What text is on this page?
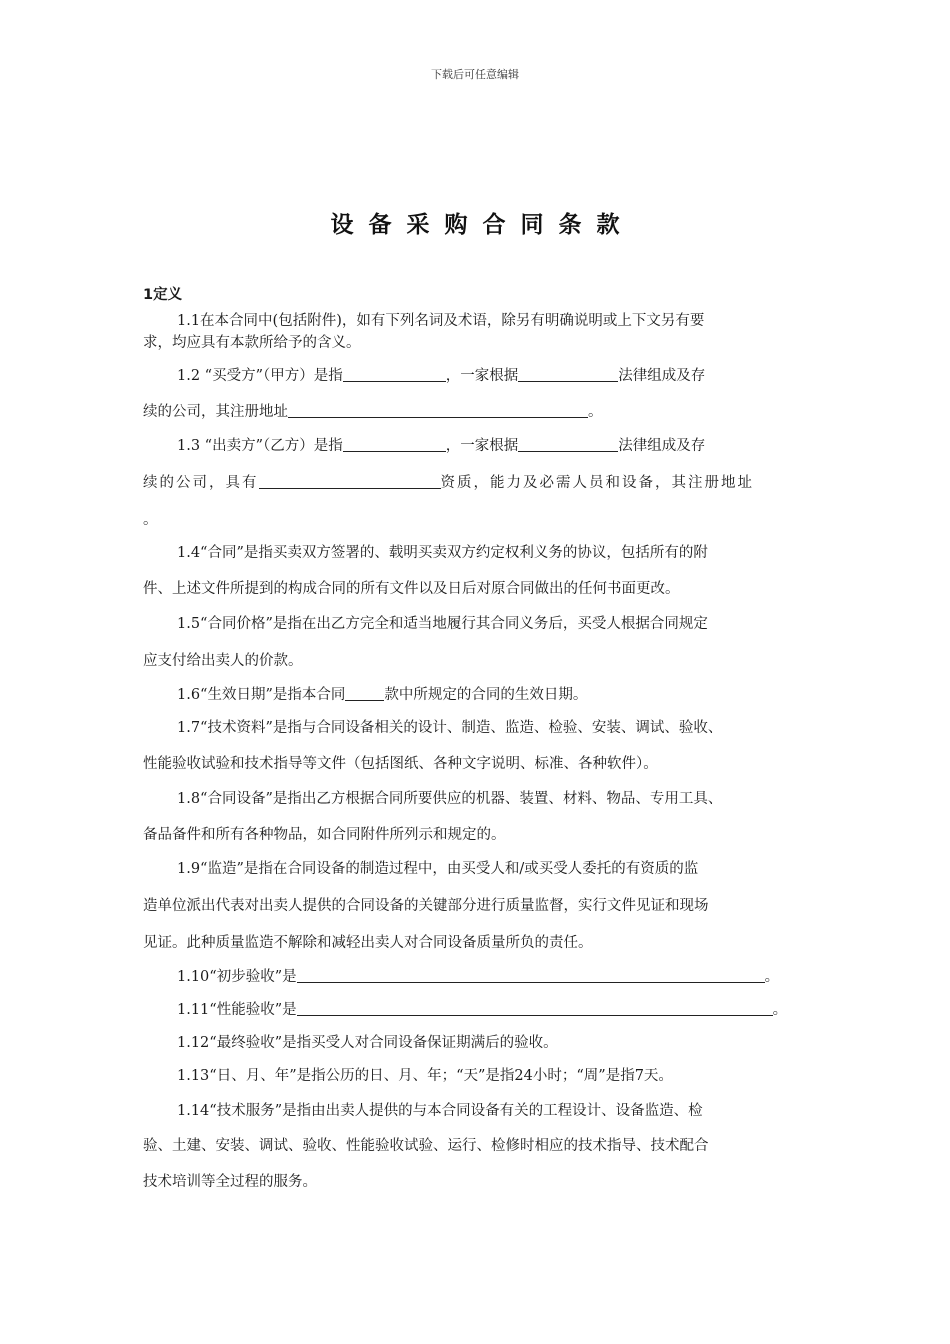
下载后可任意编辑
设备采购合同条款
1定义
1.1在本合同中(包括附件)，如有下列名词及术语，除另有明确说明或上下文另有要
求，均应具有本款所给予的含义。
1.2 “买受方”（甲方）是指	，一家根据	法律组成及存
续的公司，其注册地址	。
1.3 “出卖方”（乙方）是指	，一家根据	法律组成及存
续的公司，具有	资质，能力及必需人员和设备，其注册地址
。
1.4“合同”是指买卖双方签署的、载明买卖双方约定权利义务的协议，包括所有的附
件、上述文件所提到的构成合同的所有文件以及日后对原合同做出的任何书面更改。
1.5“合同价格”是指在出乙方完全和适当地履行其合同义务后，买受人根据合同规定
应支付给出卖人的价款。
1.6“生效日期”是指本合同	款中所规定的合同的生效日期。
1.7“技术资料”是指与合同设备相关的设计、制造、监造、检验、安装、调试、验收、
性能验收试验和技术指导等文件（包括图纸、各种文字说明、标准、各种软件）。
1.8“合同设备”是指出乙方根据合同所要供应的机器、装置、材料、物品、专用工具、
备品备件和所有各种物品，如合同附件所列示和规定的。
1.9“监造”是指在合同设备的制造过程中，由买受人和/或买受人委托的有资质的监
造单位派出代表对出卖人提供的合同设备的关键部分进行质量监督，实行文件见证和现场
见证。此种质量监造不解除和减轻出卖人对合同设备质量所负的责任。
1.10“初步验收”是	。
1.11“性能验收”是	。
1.12“最终验收”是指买受人对合同设备保证期满后的验收。
1.13“日、月、年”是指公历的日、月、年；“天”是指24小时；“周”是指7天。
1.14“技术服务”是指由出卖人提供的与本合同设备有关的工程设计、设备监造、检
验、土建、安装、调试、验收、性能验收试验、运行、检修时相应的技术指导、技术配合
技术培训等全过程的服务。
